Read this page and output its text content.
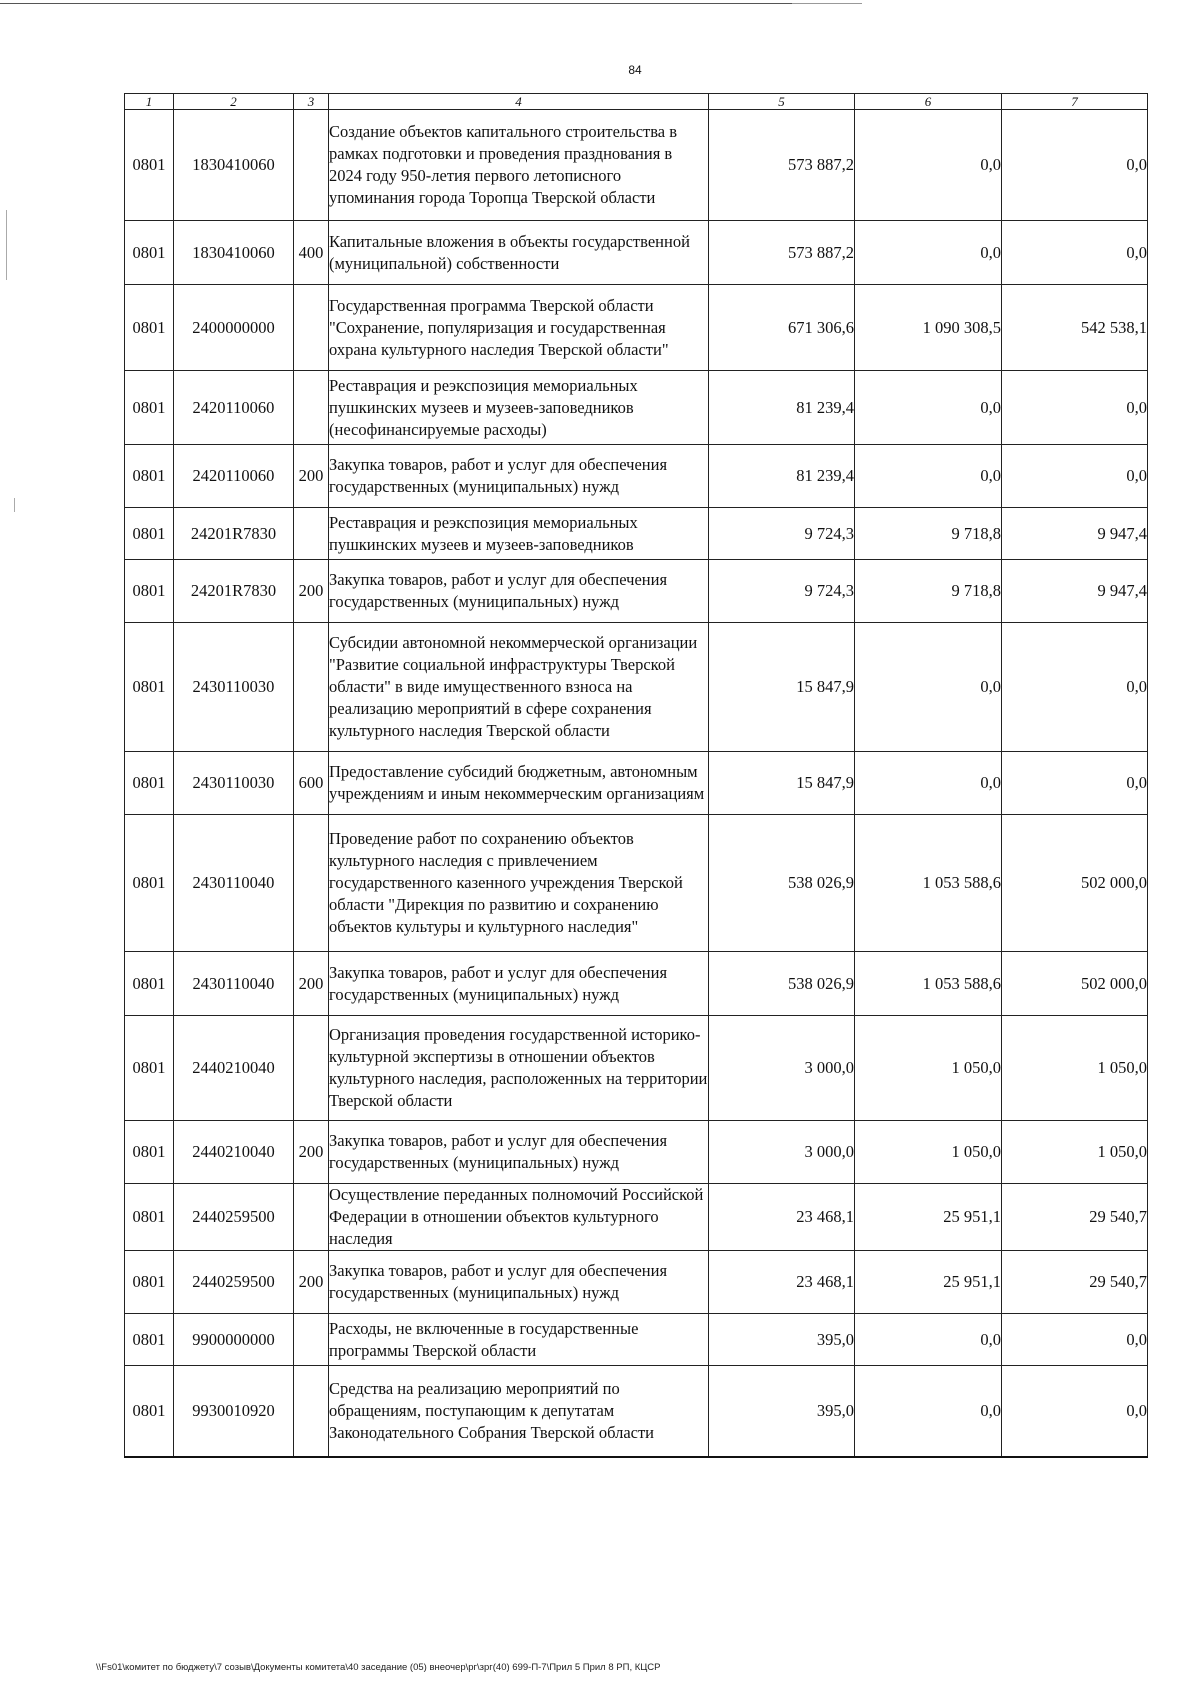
84
1	2	3	4	5	6	7
0801	1830410060		Создание объектов капитального строительства в рамках подготовки и проведения празднования в 2024 году 950-летия первого летописного упоминания города Торопца Тверской области	573 887,2	0,0	0,0
0801	1830410060	400	Капитальные вложения в объекты государственной (муниципальной) собственности	573 887,2	0,0	0,0
0801	2400000000		Государственная программа Тверской области "Сохранение, популяризация и государственная охрана культурного наследия Тверской области"	671 306,6	1 090 308,5	542 538,1
0801	2420110060		Реставрация и реэкспозиция мемориальных пушкинских музеев и музеев-заповедников (несофинансируемые расходы)	81 239,4	0,0	0,0
0801	2420110060	200	Закупка товаров, работ и услуг для обеспечения государственных (муниципальных) нужд	81 239,4	0,0	0,0
0801	24201R7830		Реставрация и реэкспозиция мемориальных пушкинских музеев и музеев-заповедников	9 724,3	9 718,8	9 947,4
0801	24201R7830	200	Закупка товаров, работ и услуг для обеспечения государственных (муниципальных) нужд	9 724,3	9 718,8	9 947,4
0801	2430110030		Субсидии автономной некоммерческой организации "Развитие социальной инфраструктуры Тверской области" в виде имущественного взноса на реализацию мероприятий в сфере сохранения культурного наследия Тверской области	15 847,9	0,0	0,0
0801	2430110030	600	Предоставление субсидий бюджетным, автономным учреждениям и иным некоммерческим организациям	15 847,9	0,0	0,0
0801	2430110040		Проведение работ по сохранению объектов культурного наследия с привлечением государственного казенного учреждения Тверской области "Дирекция по развитию и сохранению объектов культуры и культурного наследия"	538 026,9	1 053 588,6	502 000,0
0801	2430110040	200	Закупка товаров, работ и услуг для обеспечения государственных (муниципальных) нужд	538 026,9	1 053 588,6	502 000,0
0801	2440210040		Организация проведения государственной историко-культурной экспертизы в отношении объектов культурного наследия, расположенных на территории Тверской области	3 000,0	1 050,0	1 050,0
0801	2440210040	200	Закупка товаров, работ и услуг для обеспечения государственных (муниципальных) нужд	3 000,0	1 050,0	1 050,0
0801	2440259500		Осуществление переданных полномочий Российской Федерации в отношении объектов культурного наследия	23 468,1	25 951,1	29 540,7
0801	2440259500	200	Закупка товаров, работ и услуг для обеспечения государственных (муниципальных) нужд	23 468,1	25 951,1	29 540,7
0801	9900000000		Расходы, не включенные в государственные программы Тверской области	395,0	0,0	0,0
0801	9930010920		Средства на реализацию мероприятий по обращениям, поступающим к депутатам Законодательного Собрания Тверской области	395,0	0,0	0,0
\\Fs01\комитет по бюджету\7 созыв\Документы комитета\40 заседание (05) внеочер\рг\зрг(40) 699-П-7\Прил 5 Прил 8 РП, КЦСР
